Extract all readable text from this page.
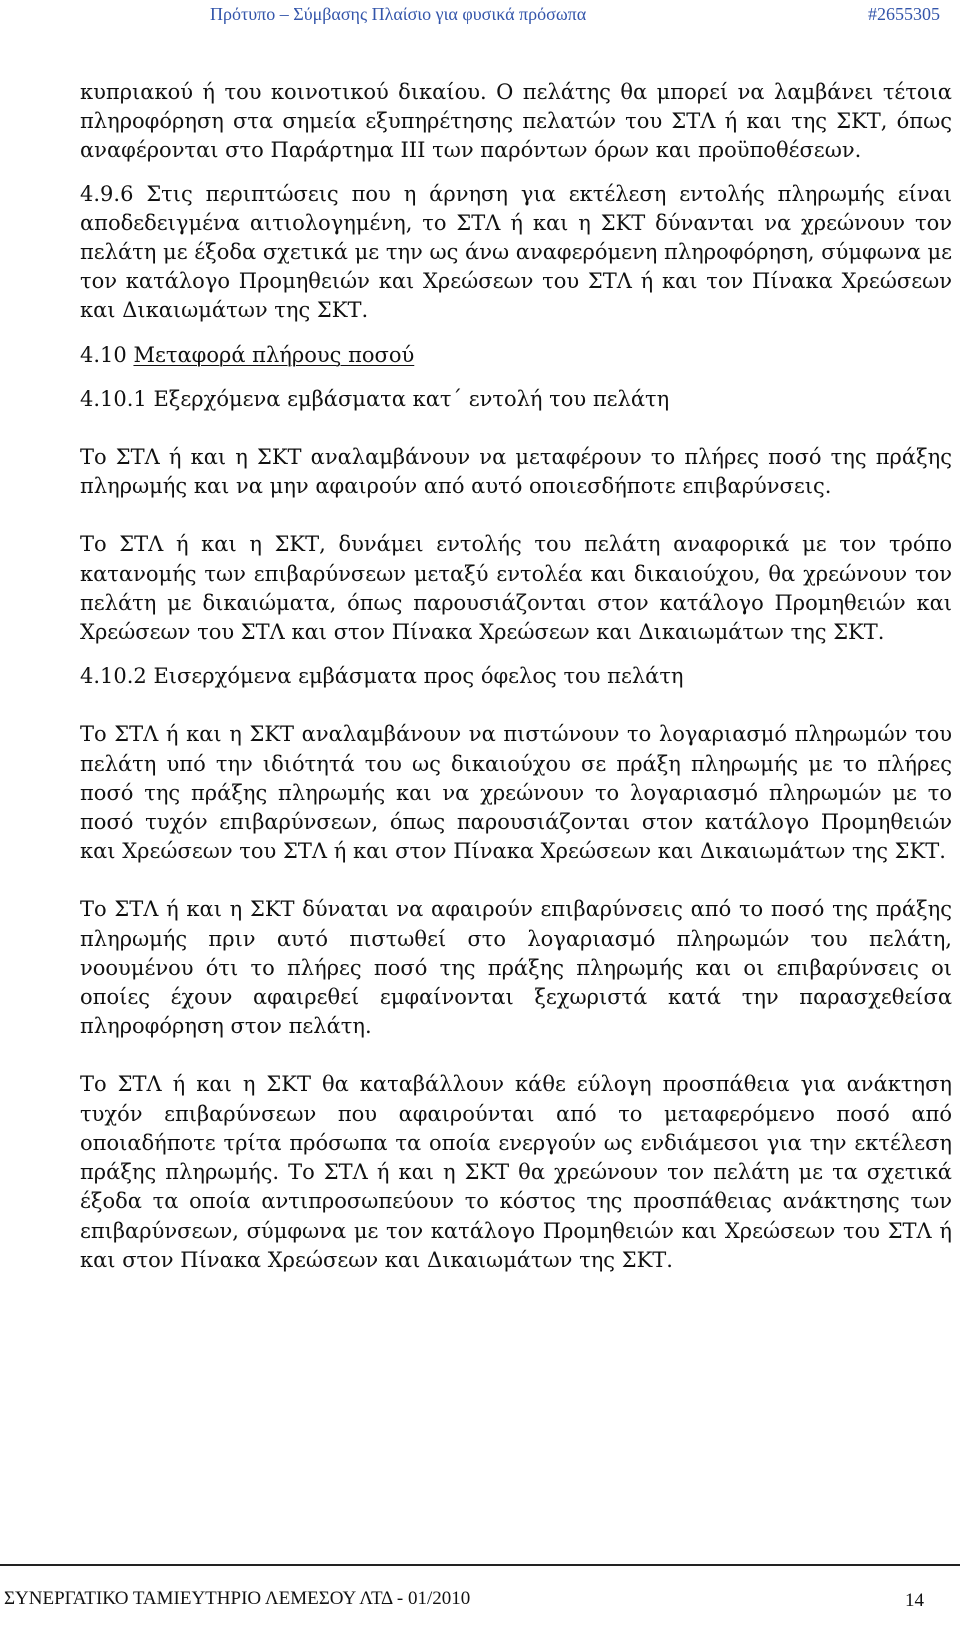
Πρότυπο – Σύμβασης Πλαίσιο για φυσικά πρόσωπα	#2655305

κυπριακού ή του κοινοτικού δικαίου. Ο πελάτης θα μπορεί να λαμβάνει τέτοια πληροφόρηση στα σημεία εξυπηρέτησης πελατών του ΣΤΛ ή και της ΣΚΤ, όπως αναφέρονται στο Παράρτημα ΙΙΙ των παρόντων όρων και προϋποθέσεων.

4.9.6 Στις περιπτώσεις που η άρνηση για εκτέλεση εντολής πληρωμής είναι αποδεδειγμένα αιτιολογημένη, το ΣΤΛ ή και η ΣΚΤ δύνανται να χρεώνουν τον πελάτη με έξοδα σχετικά με την ως άνω αναφερόμενη πληροφόρηση, σύμφωνα με τον κατάλογο Προμηθειών και Χρεώσεων του ΣΤΛ ή και τον Πίνακα Χρεώσεων και Δικαιωμάτων της ΣΚΤ.

4.10 Μεταφορά πλήρους ποσού

4.10.1 Εξερχόμενα εμβάσματα κατ΄ εντολή του πελάτη

Το ΣΤΛ ή και η ΣΚΤ αναλαμβάνουν να μεταφέρουν το πλήρες ποσό της πράξης πληρωμής και να μην αφαιρούν από αυτό οποιεσδήποτε επιβαρύνσεις.

Το ΣΤΛ ή και η ΣΚΤ, δυνάμει εντολής του πελάτη αναφορικά με τον τρόπο κατανομής των επιβαρύνσεων μεταξύ εντολέα και δικαιούχου, θα χρεώνουν τον πελάτη με δικαιώματα, όπως παρουσιάζονται στον κατάλογο Προμηθειών και Χρεώσεων του ΣΤΛ και στον Πίνακα Χρεώσεων και Δικαιωμάτων της ΣΚΤ.

4.10.2 Εισερχόμενα εμβάσματα προς όφελος του πελάτη

Το ΣΤΛ ή και η ΣΚΤ αναλαμβάνουν να πιστώνουν το λογαριασμό πληρωμών του πελάτη υπό την ιδιότητά του ως δικαιούχου σε πράξη πληρωμής με το πλήρες ποσό της πράξης πληρωμής και να χρεώνουν το λογαριασμό πληρωμών με το ποσό τυχόν επιβαρύνσεων, όπως παρουσιάζονται στον κατάλογο Προμηθειών και Χρεώσεων του ΣΤΛ ή και στον Πίνακα Χρεώσεων και Δικαιωμάτων της ΣΚΤ.

Το ΣΤΛ ή και η ΣΚΤ δύναται να αφαιρούν επιβαρύνσεις από το ποσό της πράξης πληρωμής πριν αυτό πιστωθεί στο λογαριασμό πληρωμών του πελάτη, νοουμένου ότι το πλήρες ποσό της πράξης πληρωμής και οι επιβαρύνσεις οι οποίες έχουν αφαιρεθεί εμφαίνονται ξεχωριστά κατά την παρασχεθείσα πληροφόρηση στον πελάτη.

Το ΣΤΛ ή και η ΣΚΤ θα καταβάλλουν κάθε εύλογη προσπάθεια για ανάκτηση τυχόν επιβαρύνσεων που αφαιρούνται από το μεταφερόμενο ποσό από οποιαδήποτε τρίτα πρόσωπα τα οποία ενεργούν ως ενδιάμεσοι για την εκτέλεση πράξης πληρωμής. Το ΣΤΛ ή και η ΣΚΤ θα χρεώνουν τον πελάτη με τα σχετικά έξοδα τα οποία αντιπροσωπεύουν το κόστος της προσπάθειας ανάκτησης των επιβαρύνσεων, σύμφωνα με τον κατάλογο Προμηθειών και Χρεώσεων του ΣΤΛ ή και στον Πίνακα Χρεώσεων και Δικαιωμάτων της ΣΚΤ.

ΣΥΝΕΡΓΑΤΙΚΟ ΤΑΜΙΕΥΤΗΡΙΟ ΛΕΜΕΣΟΥ ΛΤΔ - 01/2010	14
